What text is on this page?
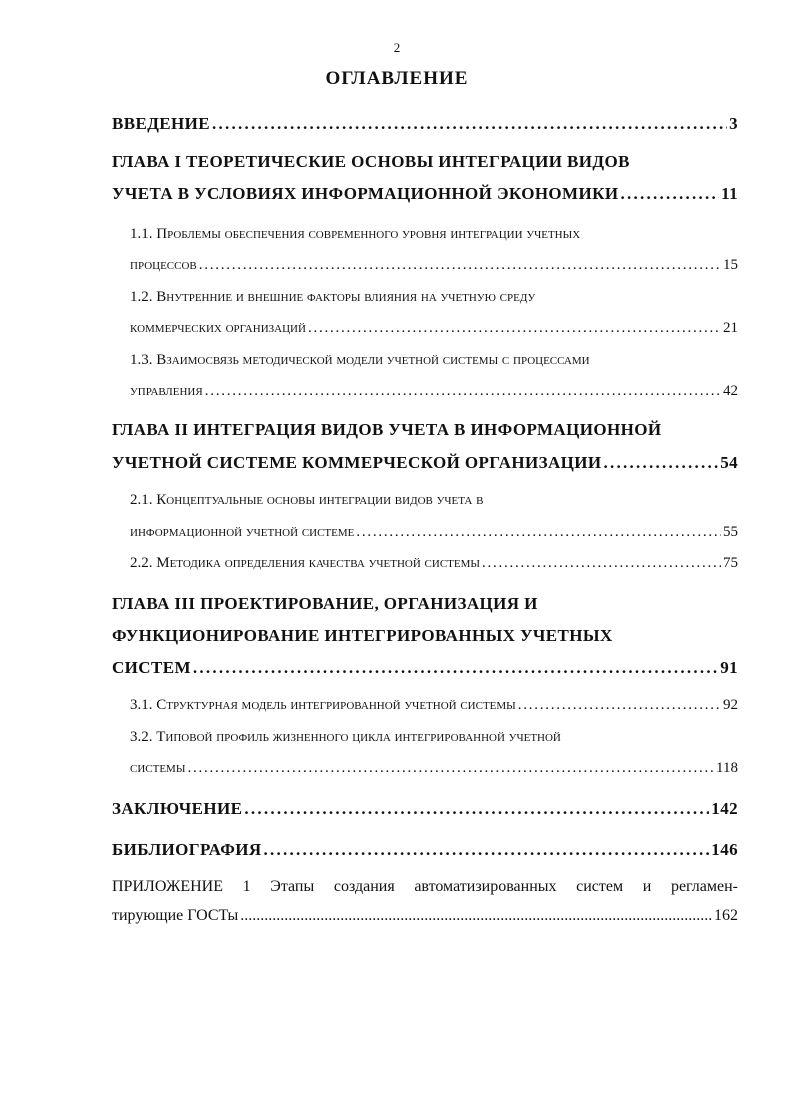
2
ОГЛАВЛЕНИЕ
ВВЕДЕНИЕ . . .	3
ГЛАВА I ТЕОРЕТИЧЕСКИЕ ОСНОВЫ ИНТЕГРАЦИИ ВИДОВ
УЧЕТА В УСЛОВИЯХ ИНФОРМАЦИОННОЙ ЭКОНОМИКИ . . .	11
1.1. Проблемы обеспечения современного уровня интеграции учетных
процессов . . .	15
1.2. Внутренние и внешние факторы влияния на учетную среду
коммерческих организаций . . .	21
1.3. Взаимосвязь методической модели учетной системы с процессами
управления . . .	42
ГЛАВА II ИНТЕГРАЦИЯ ВИДОВ УЧЕТА В ИНФОРМАЦИОННОЙ
УЧЕТНОЙ СИСТЕМЕ КОММЕРЧЕСКОЙ ОРГАНИЗАЦИИ . . .	54
2.1. Концептуальные основы интеграции видов учета в
информационной учетной системе . . .	55
2.2. Методика определения качества учетной системы . . .	75
ГЛАВА III ПРОЕКТИРОВАНИЕ, ОРГАНИЗАЦИЯ И
ФУНКЦИОНИРОВАНИЕ ИНТЕГРИРОВАННЫХ УЧЕТНЫХ
СИСТЕМ . . .	91
3.1. Структурная модель интегрированной учетной системы . . .	92
3.2. Типовой профиль жизненного цикла интегрированной учетной
системы . . .	118
ЗАКЛЮЧЕНИЕ . . .	142
БИБЛИОГРАФИЯ . . .	146
ПРИЛОЖЕНИЕ 1 Этапы создания автоматизированных систем и регламен-
тирующие ГОСТы .....	162
